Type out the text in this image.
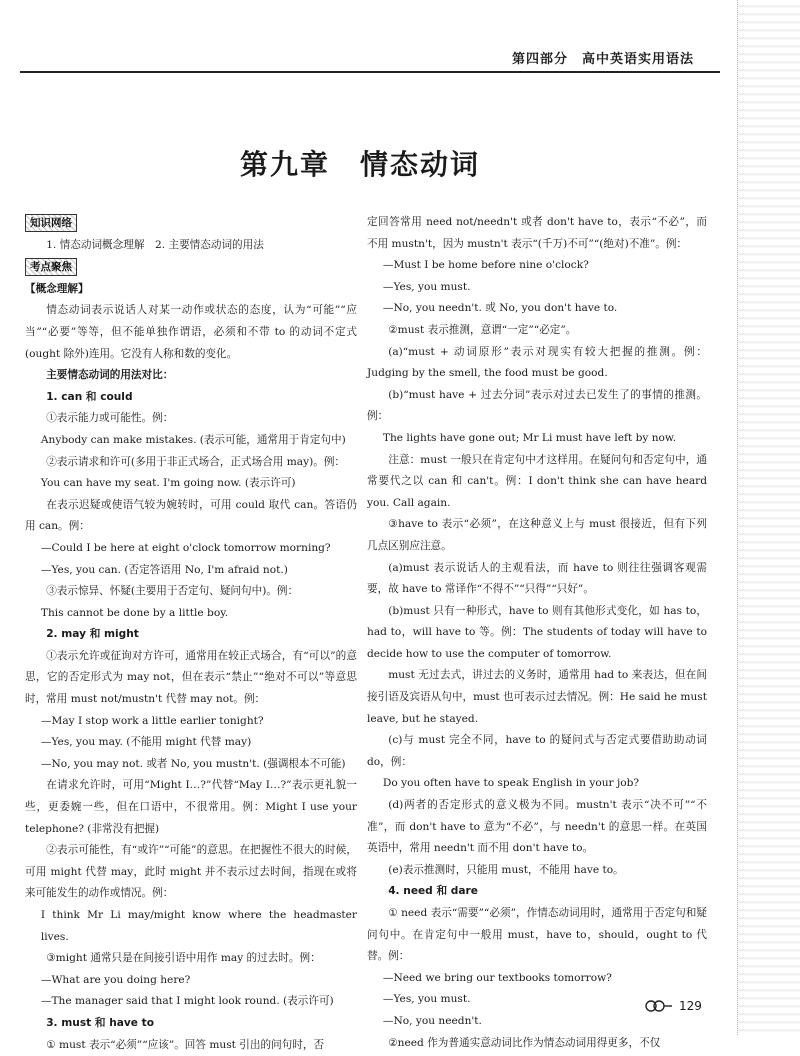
第四部分　高中英语实用语法
第九章　情态动词
知识网络

1. 情态动词概念理解　2. 主要情态动词的用法

考点聚焦

【概念理解】

情态动词表示说话人对某一动作或状态的态度，认为“可能”“应当”“必要”等等，但不能单独作谓语，必须和不带 to 的动词不定式(ought 除外)连用。它没有人称和数的变化。

主要情态动词的用法对比：

1. can 和 could

①表示能力或可能性。例：

Anybody can make mistakes. (表示可能，通常用于肯定句中)

②表示请求和许可(多用于非正式场合，正式场合用 may)。例：

You can have my seat. I'm going now. (表示许可)

在表示迟疑或使语气较为婉转时，可用 could 取代 can。答语仍用 can。例：

—Could I be here at eight o'clock tomorrow morning?

—Yes, you can. (否定答语用 No, I'm afraid not.)

③表示惊异、怀疑(主要用于否定句、疑问句中)。例：

This cannot be done by a little boy.

2. may 和 might

①表示允许或征询对方许可，通常用在较正式场合，有“可以”的意思，它的否定形式为 may not，但在表示“禁止”“绝对不可以”等意思时，常用 must not/mustn't 代替 may not。例：

—May I stop work a little earlier tonight?

—Yes, you may. (不能用 might 代替 may)

—No, you may not. 或者 No, you mustn't. (强调根本不可能)

在请求允许时，可用“Might I…?”代替“May I…?”表示更礼貌一些，更委婉一些，但在口语中，不很常用。例：Might I use your telephone? (非常没有把握)

②表示可能性，有“或许”“可能”的意思。在把握性不很大的时候，可用 might 代替 may，此时 might 并不表示过去时间，指现在或将来可能发生的动作或情况。例：

I think Mr Li may/might know where the headmaster lives.

③might 通常只是在间接引语中用作 may 的过去时。例：

—What are you doing here?

—The manager said that I might look round. (表示许可)

3. must 和 have to

① must 表示“必须”“应该”。回答 must 引出的问句时，否

定回答常用 need not/needn't 或者 don't have to，表示“不必”，而不用 mustn't，因为 mustn't 表示“(千万)不可”“(绝对)不准”。例：

—Must I be home before nine o'clock?

—Yes, you must.

—No, you needn't. 或 No, you don't have to.

②must 表示推测，意谓“一定”“必定”。

(a)“must + 动词原形”表示对现实有较大把握的推测。例：Judging by the smell, the food must be good.

(b)“must have + 过去分词”表示对过去已发生了的事情的推测。例：

The lights have gone out; Mr Li must have left by now.

注意：must 一般只在肯定句中才这样用。在疑问句和否定句中，通常要代之以 can 和 can't。例：I don't think she can have heard you. Call again.

③have to 表示“必须”，在这种意义上与 must 很接近，但有下列几点区别应注意。

(a)must 表示说话人的主观看法，而 have to 则往往强调客观需要，故 have to 常译作“不得不”“只得”“只好”。

(b)must 只有一种形式，have to 则有其他形式变化，如 has to，had to，will have to 等。例：The students of today will have to decide how to use the computer of tomorrow.

must 无过去式，讲过去的义务时，通常用 had to 来表达，但在间接引语及宾语从句中，must 也可表示过去情况。例：He said he must leave, but he stayed.

(c)与 must 完全不同，have to 的疑问式与否定式要借助助动词 do，例：

Do you often have to speak English in your job?

(d)两者的否定形式的意义极为不同。mustn't 表示“决不可”“不准”，而 don't have to 意为“不必”，与 needn't 的意思一样。在英国英语中，常用 needn't 而不用 don't have to。

(e)表示推测时，只能用 must，不能用 have to。

4. need 和 dare

① need 表示“需要”“必须”，作情态动词用时，通常用于否定句和疑问句中。在肯定句中一般用 must，have to，should，ought to 代替。例：

—Need we bring our textbooks tomorrow?

—Yes, you must.

—No, you needn't.

②need 作为普通实意动词比作为情态动词用得更多，不仅

129
